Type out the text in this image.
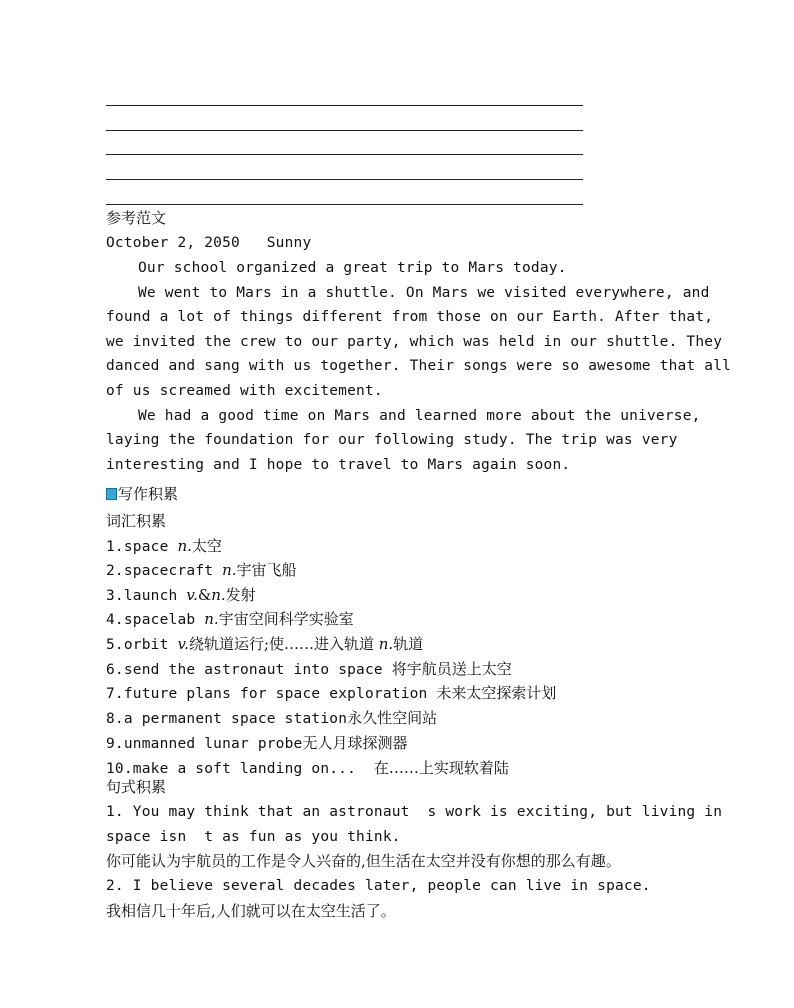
参考范文
October 2, 2050   Sunny
Our school organized a great trip to Mars today.
We went to Mars in a shuttle. On Mars we visited everywhere, and
found a lot of things different from those on our Earth. After that,
we invited the crew to our party, which was held in our shuttle. They
danced and sang with us together. Their songs were so awesome that all
of us screamed with excitement.
We had a good time on Mars and learned more about the universe,
laying the foundation for our following study. The trip was very
interesting and I hope to travel to Mars again soon.
写作积累
词汇积累
1.space n.太空
2.spacecraft n.宇宙飞船
3.launch v.&n.发射
4.spacelab n.宇宙空间科学实验室
5.orbit v.绕轨道运行;使……进入轨道 n.轨道
6.send the astronaut into space 将宇航员送上太空
7.future plans for space exploration 未来太空探索计划
8.a permanent space station永久性空间站
9.unmanned lunar probe无人月球探测器
10.make a soft landing on...  在……上实现软着陆
句式积累
1. You may think that an astronaut  s work is exciting, but living in
space isn  t as fun as you think.
你可能认为宇航员的工作是令人兴奋的,但生活在太空并没有你想的那么有趣。
2. I believe several decades later, people can live in space.
我相信几十年后,人们就可以在太空生活了。
